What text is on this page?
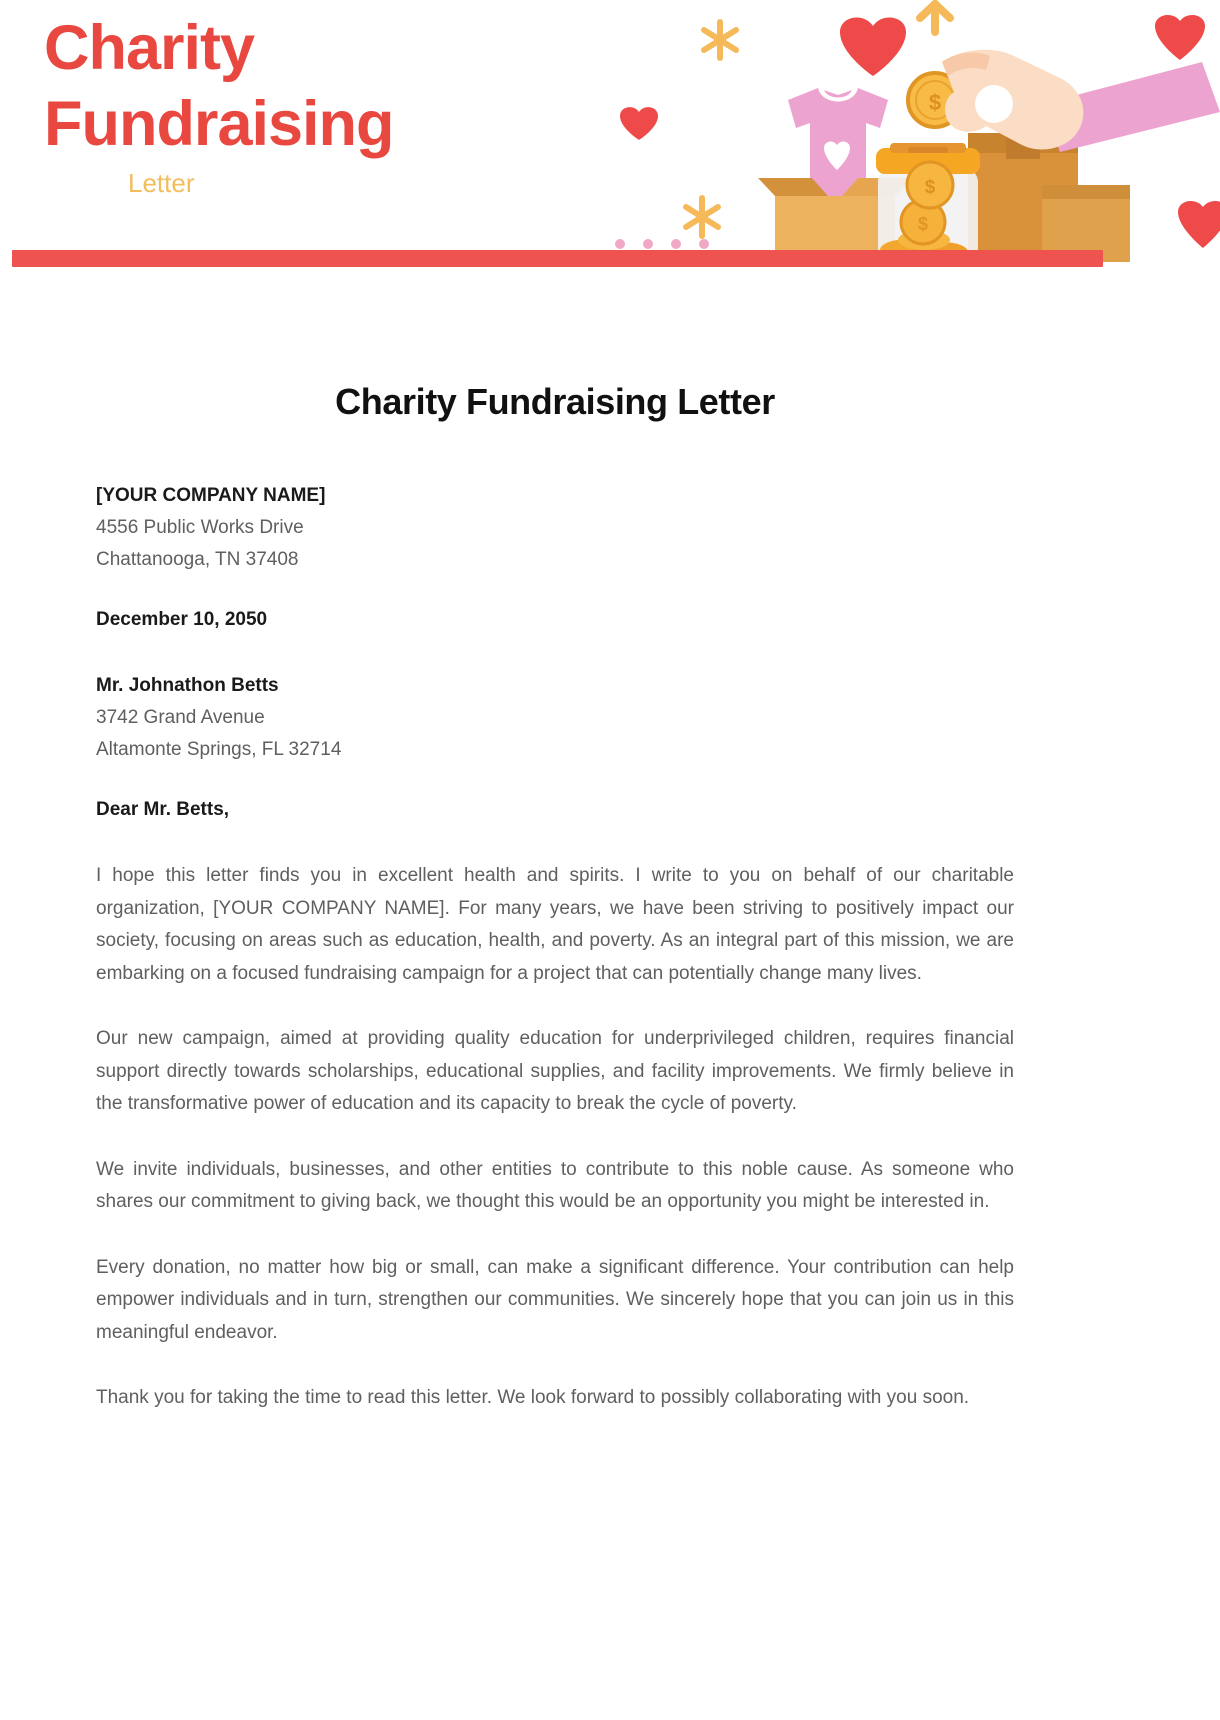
Charity
Fundraising
Letter
$
$
$
Charity Fundraising Letter
[YOUR COMPANY NAME]
4556 Public Works Drive
Chattanooga, TN 37408
December 10, 2050
Mr. Johnathon Betts
3742 Grand Avenue
Altamonte Springs, FL 32714
Dear Mr. Betts,

I hope this letter finds you in excellent health and spirits. I write to you on behalf of our charitable organization, [YOUR COMPANY NAME]. For many years, we have been striving to positively impact our society, focusing on areas such as education, health, and poverty. As an integral part of this mission, we are embarking on a focused fundraising campaign for a project that can potentially change many lives.

Our new campaign, aimed at providing quality education for underprivileged children, requires financial support directly towards scholarships, educational supplies, and facility improvements. We firmly believe in the transformative power of education and its capacity to break the cycle of poverty.

We invite individuals, businesses, and other entities to contribute to this noble cause. As someone who shares our commitment to giving back, we thought this would be an opportunity you might be interested in.

Every donation, no matter how big or small, can make a significant difference. Your contribution can help empower individuals and in turn, strengthen our communities. We sincerely hope that you can join us in this meaningful endeavor.

Thank you for taking the time to read this letter. We look forward to possibly collaborating with you soon.
